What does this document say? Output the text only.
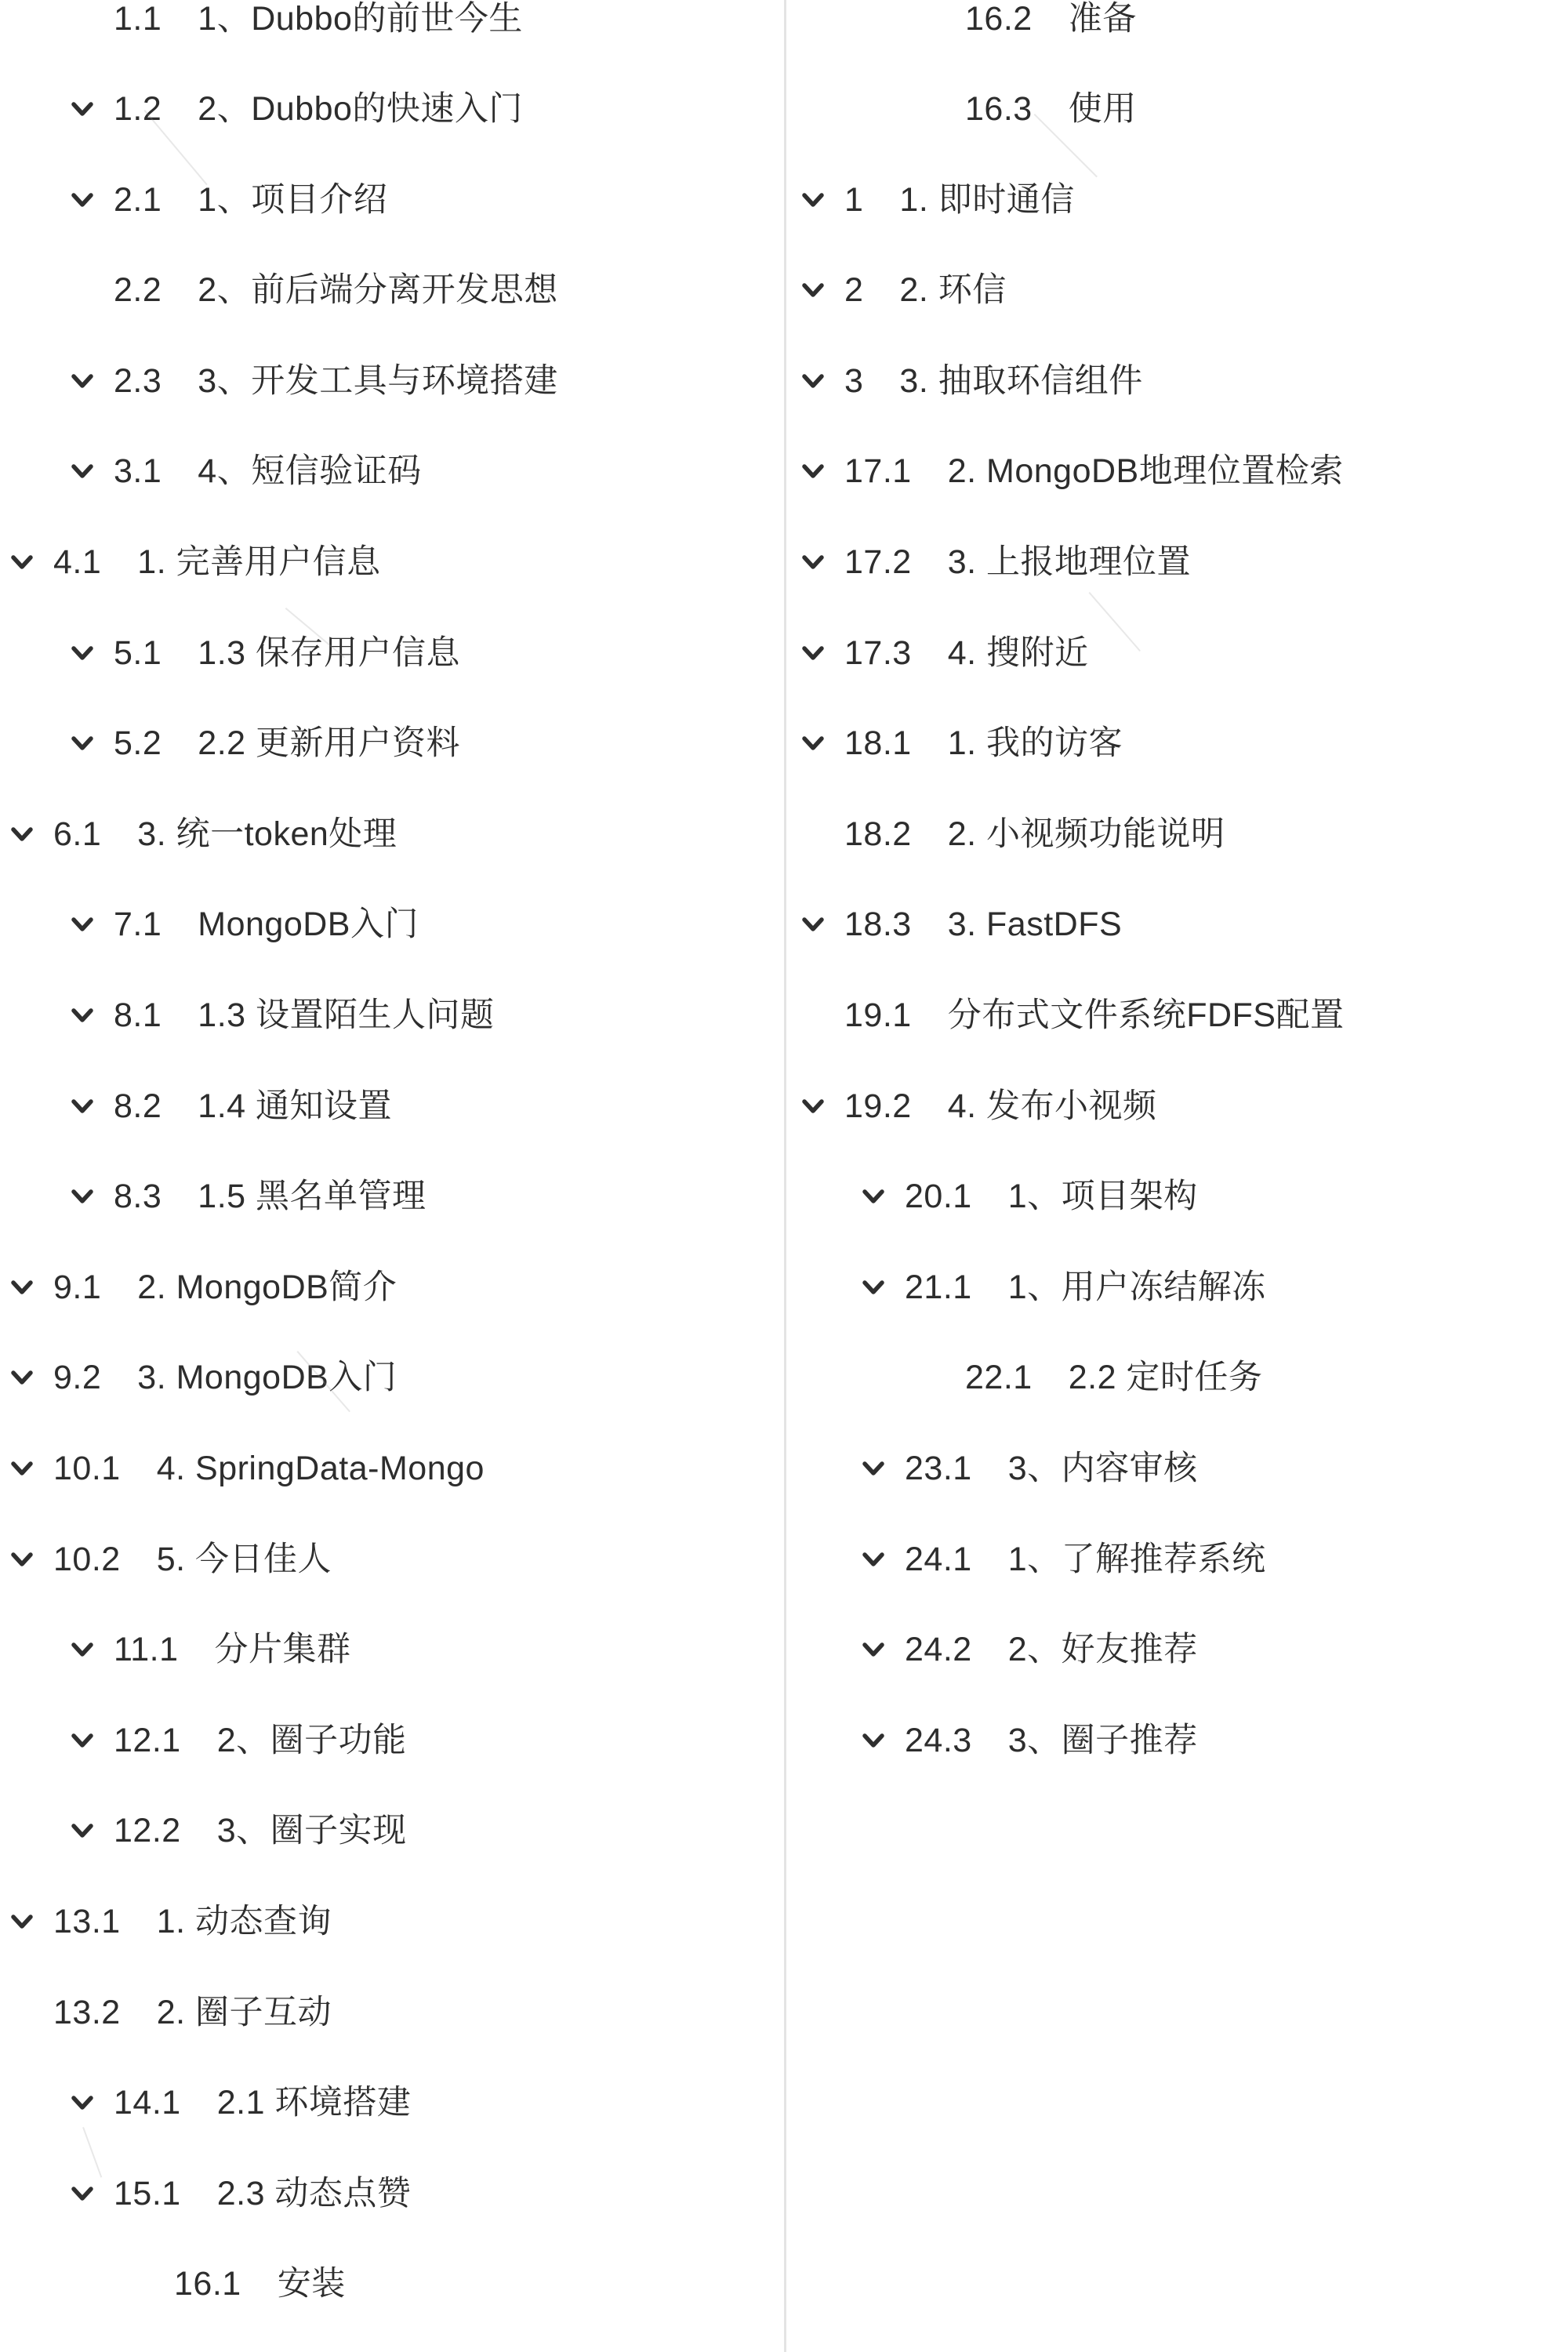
1.1 1、Dubbo的前世今生
1.2 2、Dubbo的快速入门
2.1 1、项目介绍
2.2 2、前后端分离开发思想
2.3 3、开发工具与环境搭建
3.1 4、短信验证码
4.1 1. 完善用户信息
5.1 1.3 保存用户信息
5.2 2.2 更新用户资料
6.1 3. 统一token处理
7.1 MongoDB入门
8.1 1.3 设置陌生人问题
8.2 1.4 通知设置
8.3 1.5 黑名单管理
9.1 2. MongoDB简介
9.2 3. MongoDB入门
10.1 4. SpringData-Mongo
10.2 5. 今日佳人
11.1 分片集群
12.1 2、圈子功能
12.2 3、圈子实现
13.1 1. 动态查询
13.2 2. 圈子互动
14.1 2.1 环境搭建
15.1 2.3 动态点赞
16.1 安装
16.2 准备
16.3 使用
1 1. 即时通信
2 2. 环信
3 3. 抽取环信组件
17.1 2. MongoDB地理位置检索
17.2 3. 上报地理位置
17.3 4. 搜附近
18.1 1. 我的访客
18.2 2. 小视频功能说明
18.3 3. FastDFS
19.1 分布式文件系统FDFS配置
19.2 4. 发布小视频
20.1 1、项目架构
21.1 1、用户冻结解冻
22.1 2.2 定时任务
23.1 3、内容审核
24.1 1、了解推荐系统
24.2 2、好友推荐
24.3 3、圈子推荐
